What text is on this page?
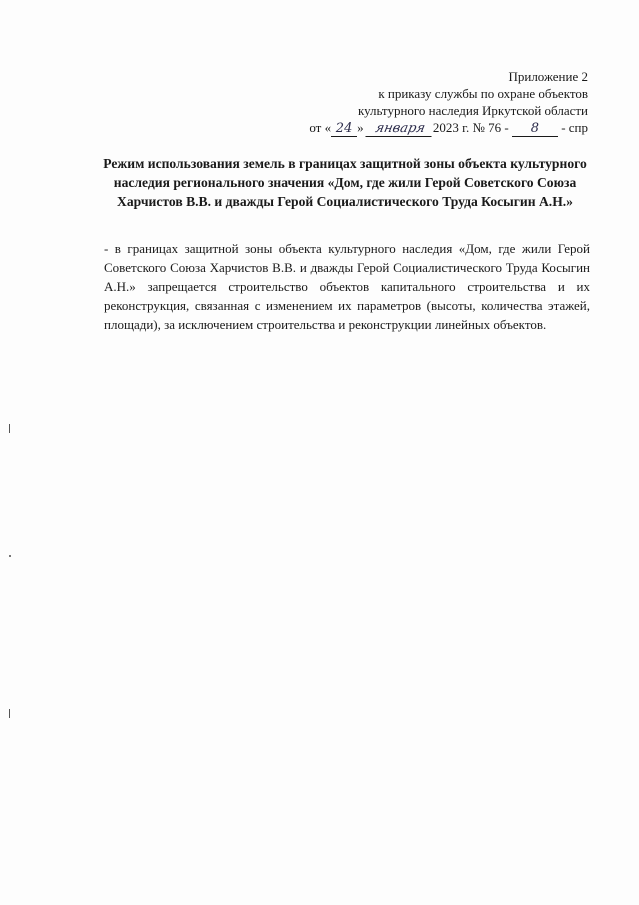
Приложение 2
к приказу службы по охране объектов
культурного наследия Иркутской области
от « 24 » января 2023 г. № 76 - 8 - спр
Режим использования земель в границах защитной зоны объекта культурного наследия регионального значения «Дом, где жили Герой Советского Союза Харчистов В.В. и дважды Герой Социалистического Труда Косыгин А.Н.»
- в границах защитной зоны объекта культурного наследия «Дом, где жили Герой Советского Союза Харчистов В.В. и дважды Герой Социалистического Труда Косыгин А.Н.» запрещается строительство объектов капитального строительства и их реконструкция, связанная с изменением их параметров (высоты, количества этажей, площади), за исключением строительства и реконструкции линейных объектов.
